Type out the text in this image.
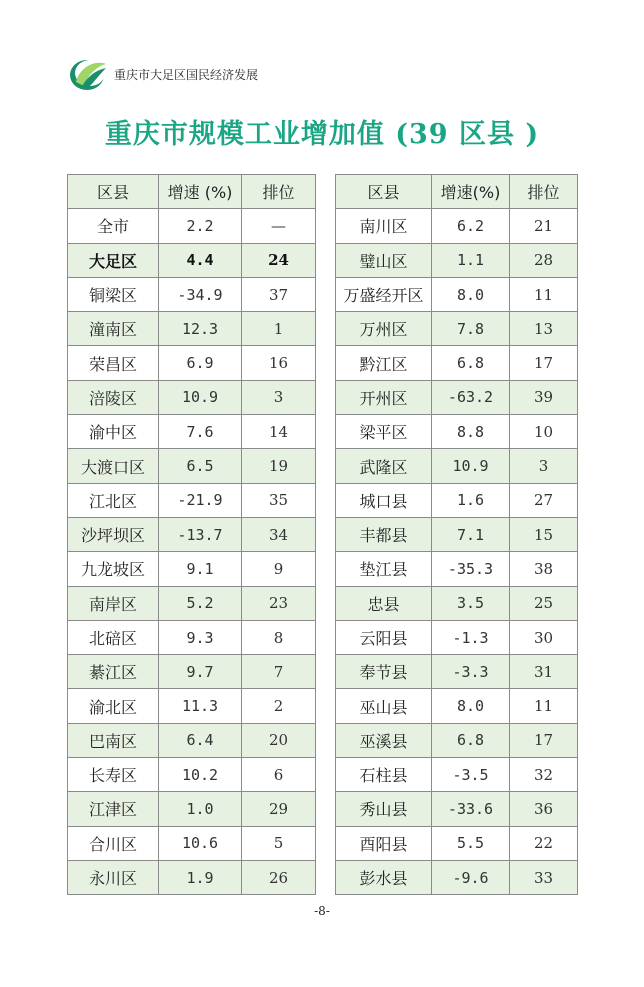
重庆市大足区国民经济发展
重庆市规模工业增加值 (39 区县 )
区县	增速 (%)	排位
全市	2.2	—
大足区	4.4	24
铜梁区	-34.9	37
潼南区	12.3	1
荣昌区	6.9	16
涪陵区	10.9	3
渝中区	7.6	14
大渡口区	6.5	19
江北区	-21.9	35
沙坪坝区	-13.7	34
九龙坡区	9.1	9
南岸区	5.2	23
北碚区	9.3	8
綦江区	9.7	7
渝北区	11.3	2
巴南区	6.4	20
长寿区	10.2	6
江津区	1.0	29
合川区	10.6	5
永川区	1.9	26
区县	增速(%)	排位
南川区	6.2	21
璧山区	1.1	28
万盛经开区	8.0	11
万州区	7.8	13
黔江区	6.8	17
开州区	-63.2	39
梁平区	8.8	10
武隆区	10.9	3
城口县	1.6	27
丰都县	7.1	15
垫江县	-35.3	38
忠县	3.5	25
云阳县	-1.3	30
奉节县	-3.3	31
巫山县	8.0	11
巫溪县	6.8	17
石柱县	-3.5	32
秀山县	-33.6	36
酉阳县	5.5	22
彭水县	-9.6	33
-8-
